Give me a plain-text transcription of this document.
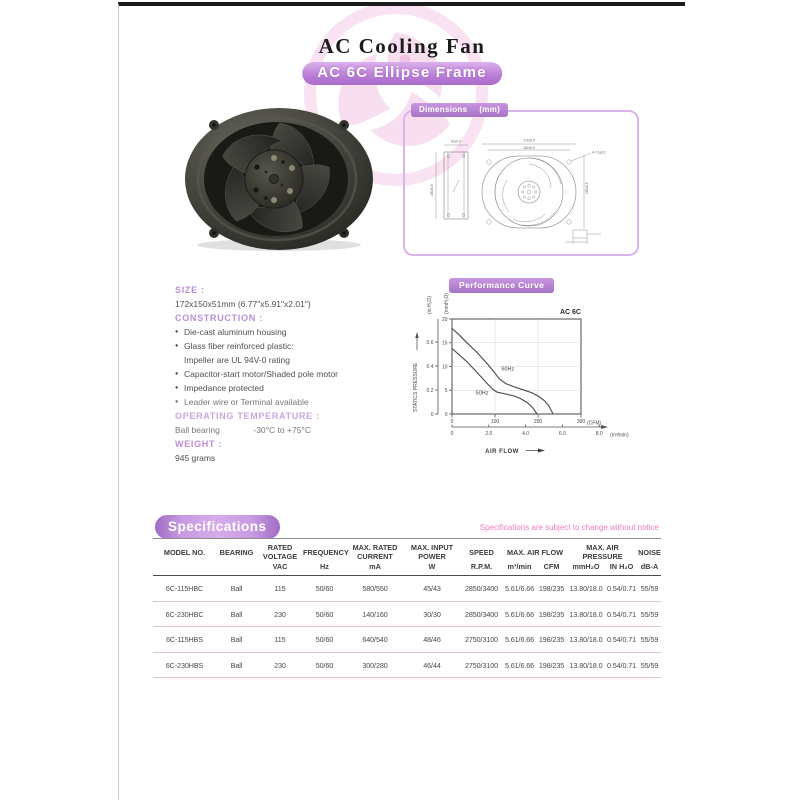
AC Cooling Fan
AC 6C Ellipse Frame
51±0.5
150±0.5
172±0.5
162±0.5
150±0.5
4-7.2±0.2
Dimensions (mm)
SIZE :
172x150x51mm (6.77"x5.91"x2.01")
CONSTRUCTION :
● Die-cast aluminum housing
● Glass fiber reinforced plastic:
Impeller are UL 94V-0 rating
● Capacitor-start motor/Shaded pole motor
● Impedance protected
● Leader wire or Terminal available
OPERATING TEMPERATURE :
Ball bearing	-30°C to +75°C
WEIGHT :
945 grams
Performance Curve
AC 6C
(CFM)
(m³/min)
(in H₂O) (mmH₂O)
STATICS PRESSURE
AIR FLOW
0	100	200	300
0
5
10
15
20
0
0.2
0.4
0.6
0	2.0	4.0	6.0	8.0
60Hz
50Hz
Specifications	Specifications are subject to change without notice
MODEL NO.	BEARING	RATED VOLTAGE	FREQUENCY	MAX. RATED CURRENT	MAX. INPUT POWER	SPEED	MAX. AIR FLOW		MAX. AIR PRESSURE		NOISE
		VAC	Hz	mA	W	R.P.M.	m³/min	CFM	mmH₂O	IN H₂O	dB-A
6C-115HBC	Ball	115	50/60	580/550	45/43	2850/3400	5.61/6.66	198/235	13.80/18.0	0.54/0.71	55/59
6C-230HBC	Ball	230	50/60	140/160	30/30	2850/3400	5.61/6.66	198/235	13.80/18.0	0.54/0.71	55/59
6C-115HBS	Ball	115	50/60	640/540	48/46	2750/3100	5.61/6.66	198/235	13.80/18.0	0.54/0.71	55/59
6C-230HBS	Ball	230	50/60	300/280	46/44	2750/3100	5.61/6.66	198/235	13.80/18.0	0.54/0.71	55/59
